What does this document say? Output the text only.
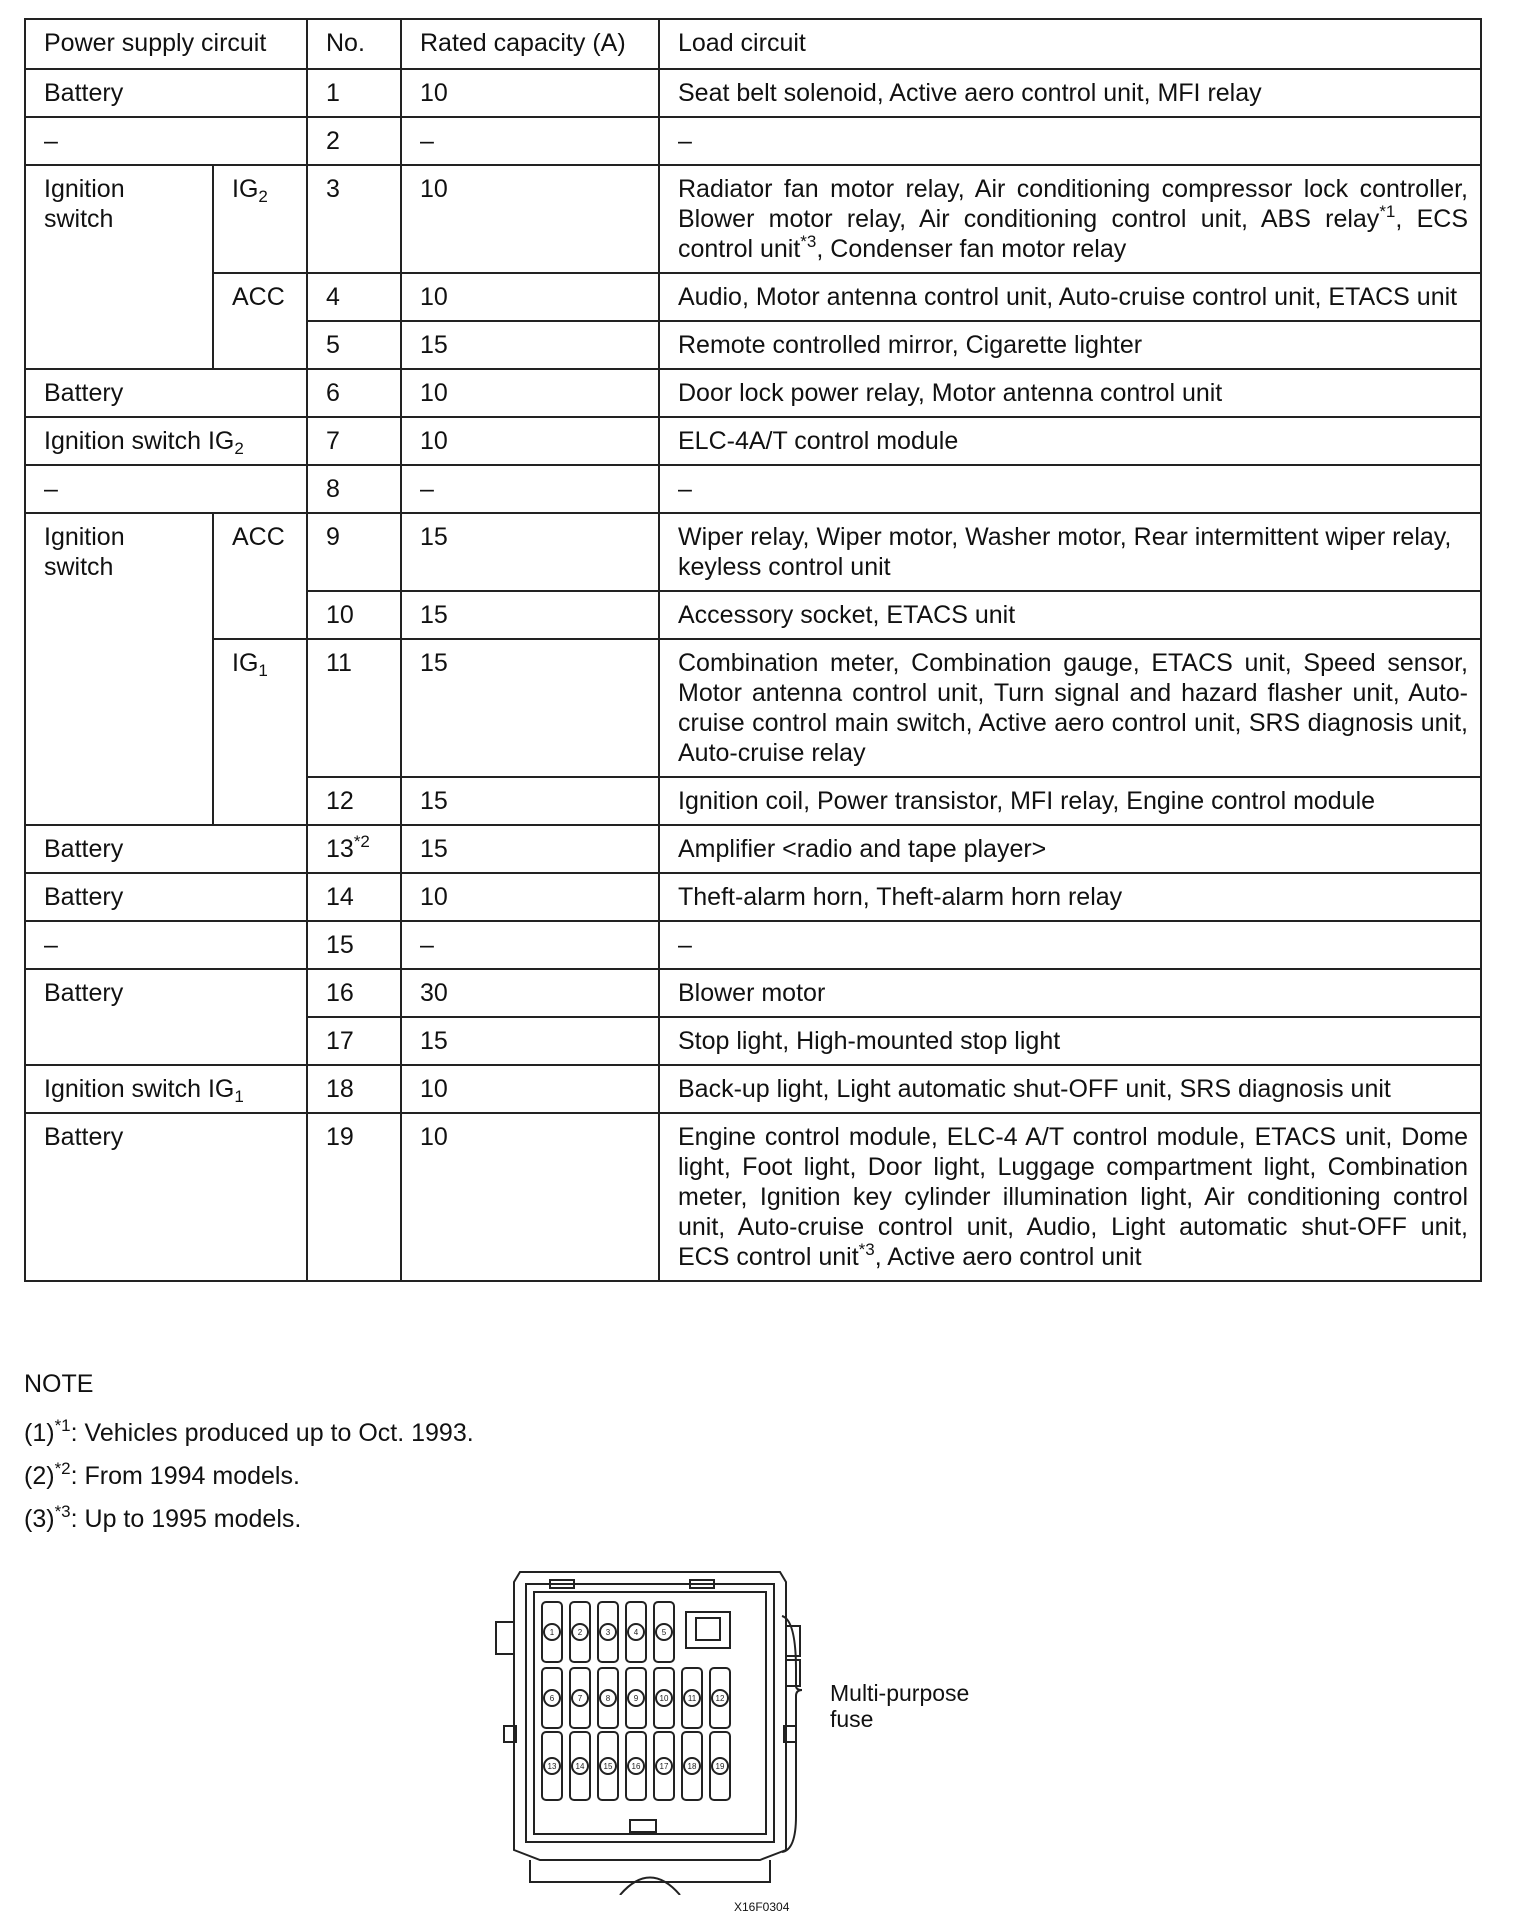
Power supply circuit		No.	Rated capacity (A)	Load circuit
Battery		1	10	Seat belt solenoid, Active aero control unit, MFI relay
–		2	–	–
Ignition switch	$IG_2$	3	10	Radiator fan motor relay, Air conditioning compressor lock controller, Blower motor relay, Air conditioning control unit, ABS relay$^{*1}$, ECS control unit$^{*3}$, Condenser fan motor relay
	ACC	4	10	Audio, Motor antenna control unit, Auto-cruise control unit, ETACS unit
		5	15	Remote controlled mirror, Cigarette lighter
Battery		6	10	Door lock power relay, Motor antenna control unit
Ignition switch $IG_2$		7	10	ELC-4A/T control module
–		8	–	–
Ignition switch	ACC	9	15	Wiper relay, Wiper motor, Washer motor, Rear intermittent wiper relay, keyless control unit
		10	15	Accessory socket, ETACS unit
	$IG_1$	11	15	Combination meter, Combination gauge, ETACS unit, Speed sensor, Motor antenna control unit, Turn signal and hazard flasher unit, Auto-cruise control main switch, Active aero control unit, SRS diagnosis unit, Auto-cruise relay
		12	15	Ignition coil, Power transistor, MFI relay, Engine control module
Battery		13$^{*2}$	15	Amplifier <radio and tape player>
Battery		14	10	Theft-alarm horn, Theft-alarm horn relay
–		15	–	–
Battery		16	30	Blower motor
		17	15	Stop light, High-mounted stop light
Ignition switch $IG_1$		18	10	Back-up light, Light automatic shut-OFF unit, SRS diagnosis unit
Battery		19	10	Engine control module, ELC-4 A/T control module, ETACS unit, Dome light, Foot light, Door light, Luggage compartment light, Combination meter, Ignition key cylinder illumination light, Air conditioning control unit, Auto-cruise control unit, Audio, Light automatic shut-OFF unit, ECS control unit$^{*3}$, Active aero control unit
NOTE
$(1)^{*1}$: Vehicles produced up to Oct. 1993.
$(2)^{*2}$: From 1994 models.
$(3)^{*3}$: Up to 1995 models.
1	2	3	4	5
6	7	8	9	10 11 12
13 14 15 16 17 18 19
Multi-purpose fuse
X16F0304
